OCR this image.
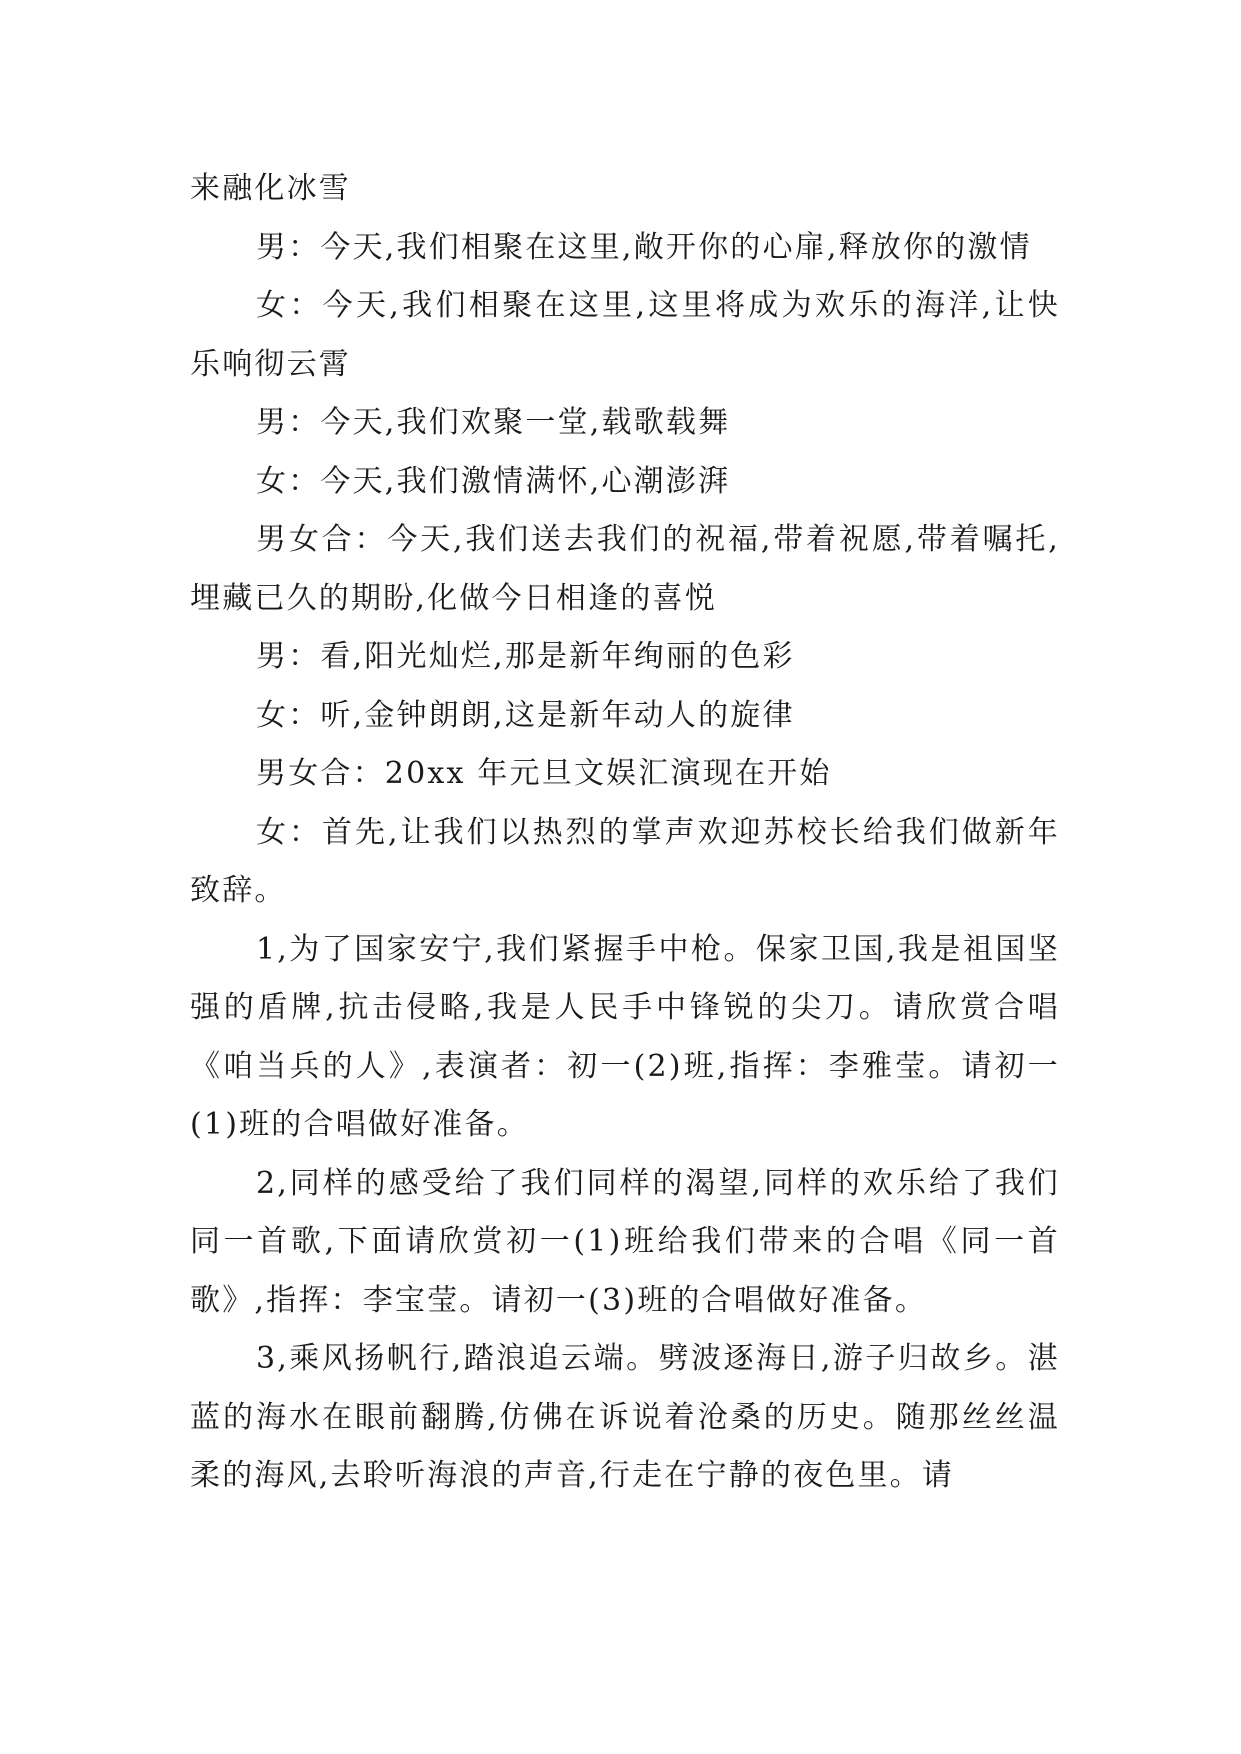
来融化冰雪

男：今天,我们相聚在这里,敞开你的心扉,释放你的激情

女：今天,我们相聚在这里,这里将成为欢乐的海洋,让快乐响彻云霄

男：今天,我们欢聚一堂,载歌载舞

女：今天,我们激情满怀,心潮澎湃

男女合：今天,我们送去我们的祝福,带着祝愿,带着嘱托,埋藏已久的期盼,化做今日相逢的喜悦

男：看,阳光灿烂,那是新年绚丽的色彩

女：听,金钟朗朗,这是新年动人的旋律

男女合：20xx 年元旦文娱汇演现在开始

女：首先,让我们以热烈的掌声欢迎苏校长给我们做新年致辞。

1,为了国家安宁,我们紧握手中枪。保家卫国,我是祖国坚强的盾牌,抗击侵略,我是人民手中锋锐的尖刀。请欣赏合唱《咱当兵的人》,表演者：初一(2)班,指挥：李雅莹。请初一(1)班的合唱做好准备。

2,同样的感受给了我们同样的渴望,同样的欢乐给了我们同一首歌,下面请欣赏初一(1)班给我们带来的合唱《同一首歌》,指挥：李宝莹。请初一(3)班的合唱做好准备。

3,乘风扬帆行,踏浪追云端。劈波逐海日,游子归故乡。湛蓝的海水在眼前翻腾,仿佛在诉说着沧桑的历史。随那丝丝温柔的海风,去聆听海浪的声音,行走在宁静的夜色里。请
